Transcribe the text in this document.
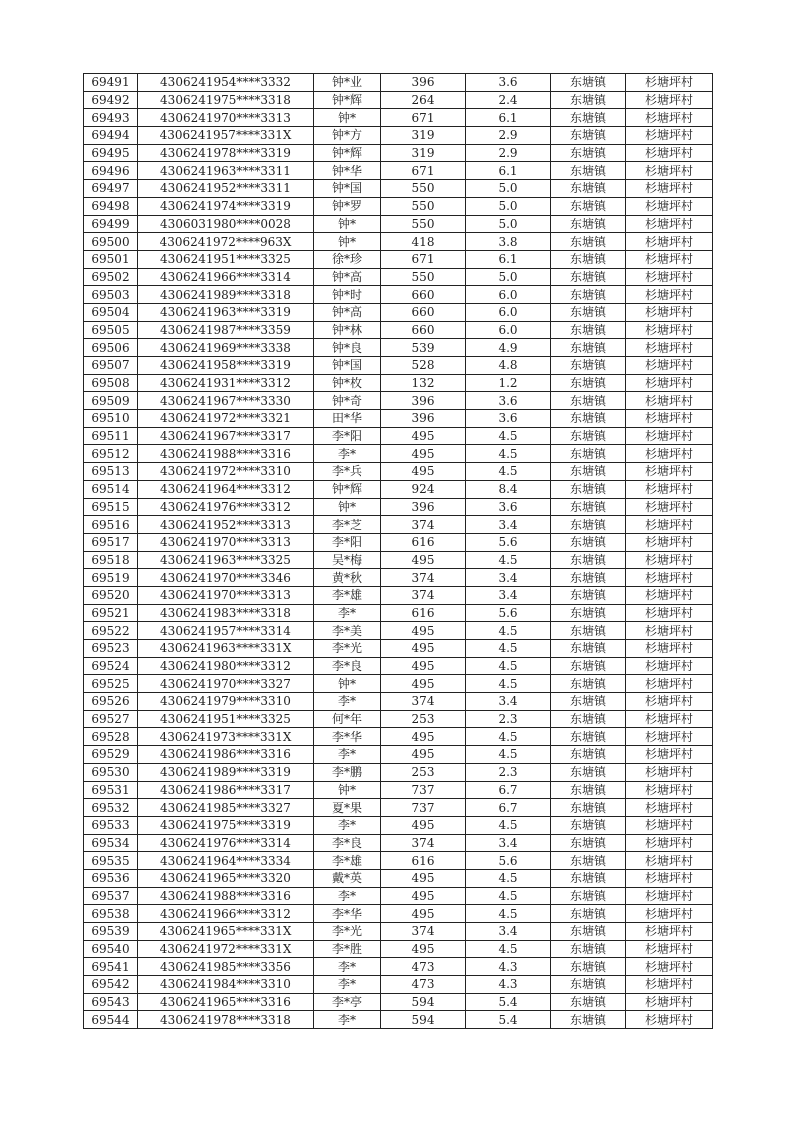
69491	4306241954****3332	钟*业	396	3.6	东塘镇	杉塘坪村
69492	4306241975****3318	钟*辉	264	2.4	东塘镇	杉塘坪村
69493	4306241970****3313	钟*	671	6.1	东塘镇	杉塘坪村
69494	4306241957****331X	钟*方	319	2.9	东塘镇	杉塘坪村
69495	4306241978****3319	钟*辉	319	2.9	东塘镇	杉塘坪村
69496	4306241963****3311	钟*华	671	6.1	东塘镇	杉塘坪村
69497	4306241952****3311	钟*国	550	5.0	东塘镇	杉塘坪村
69498	4306241974****3319	钟*罗	550	5.0	东塘镇	杉塘坪村
69499	4306031980****0028	钟*	550	5.0	东塘镇	杉塘坪村
69500	4306241972****963X	钟*	418	3.8	东塘镇	杉塘坪村
69501	4306241951****3325	徐*珍	671	6.1	东塘镇	杉塘坪村
69502	4306241966****3314	钟*高	550	5.0	东塘镇	杉塘坪村
69503	4306241989****3318	钟*时	660	6.0	东塘镇	杉塘坪村
69504	4306241963****3319	钟*高	660	6.0	东塘镇	杉塘坪村
69505	4306241987****3359	钟*林	660	6.0	东塘镇	杉塘坪村
69506	4306241969****3338	钟*良	539	4.9	东塘镇	杉塘坪村
69507	4306241958****3319	钟*国	528	4.8	东塘镇	杉塘坪村
69508	4306241931****3312	钟*枚	132	1.2	东塘镇	杉塘坪村
69509	4306241967****3330	钟*奇	396	3.6	东塘镇	杉塘坪村
69510	4306241972****3321	田*华	396	3.6	东塘镇	杉塘坪村
69511	4306241967****3317	李*阳	495	4.5	东塘镇	杉塘坪村
69512	4306241988****3316	李*	495	4.5	东塘镇	杉塘坪村
69513	4306241972****3310	李*兵	495	4.5	东塘镇	杉塘坪村
69514	4306241964****3312	钟*辉	924	8.4	东塘镇	杉塘坪村
69515	4306241976****3312	钟*	396	3.6	东塘镇	杉塘坪村
69516	4306241952****3313	李*芝	374	3.4	东塘镇	杉塘坪村
69517	4306241970****3313	李*阳	616	5.6	东塘镇	杉塘坪村
69518	4306241963****3325	吴*梅	495	4.5	东塘镇	杉塘坪村
69519	4306241970****3346	黄*秋	374	3.4	东塘镇	杉塘坪村
69520	4306241970****3313	李*雄	374	3.4	东塘镇	杉塘坪村
69521	4306241983****3318	李*	616	5.6	东塘镇	杉塘坪村
69522	4306241957****3314	李*美	495	4.5	东塘镇	杉塘坪村
69523	4306241963****331X	李*光	495	4.5	东塘镇	杉塘坪村
69524	4306241980****3312	李*良	495	4.5	东塘镇	杉塘坪村
69525	4306241970****3327	钟*	495	4.5	东塘镇	杉塘坪村
69526	4306241979****3310	李*	374	3.4	东塘镇	杉塘坪村
69527	4306241951****3325	何*年	253	2.3	东塘镇	杉塘坪村
69528	4306241973****331X	李*华	495	4.5	东塘镇	杉塘坪村
69529	4306241986****3316	李*	495	4.5	东塘镇	杉塘坪村
69530	4306241989****3319	李*鹏	253	2.3	东塘镇	杉塘坪村
69531	4306241986****3317	钟*	737	6.7	东塘镇	杉塘坪村
69532	4306241985****3327	夏*果	737	6.7	东塘镇	杉塘坪村
69533	4306241975****3319	李*	495	4.5	东塘镇	杉塘坪村
69534	4306241976****3314	李*良	374	3.4	东塘镇	杉塘坪村
69535	4306241964****3334	李*雄	616	5.6	东塘镇	杉塘坪村
69536	4306241965****3320	戴*英	495	4.5	东塘镇	杉塘坪村
69537	4306241988****3316	李*	495	4.5	东塘镇	杉塘坪村
69538	4306241966****3312	李*华	495	4.5	东塘镇	杉塘坪村
69539	4306241965****331X	李*光	374	3.4	东塘镇	杉塘坪村
69540	4306241972****331X	李*胜	495	4.5	东塘镇	杉塘坪村
69541	4306241985****3356	李*	473	4.3	东塘镇	杉塘坪村
69542	4306241984****3310	李*	473	4.3	东塘镇	杉塘坪村
69543	4306241965****3316	李*亭	594	5.4	东塘镇	杉塘坪村
69544	4306241978****3318	李*	594	5.4	东塘镇	杉塘坪村
